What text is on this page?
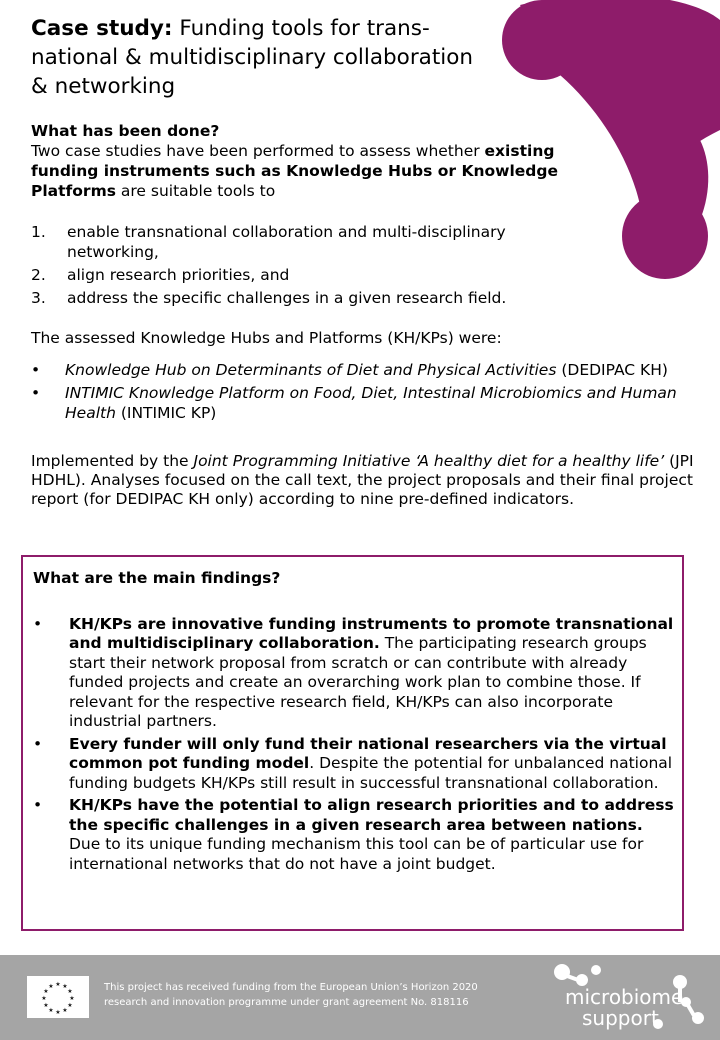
Case study: Funding tools for trans-national & multidisciplinary collaboration & networking
What has been done?
Two case studies have been performed to assess whether existing funding instruments such as Knowledge Hubs or Knowledge Platforms are suitable tools to
1. enable transnational collaboration and multi-disciplinary networking,
2. align research priorities, and
3. address the specific challenges in a given research field.
The assessed Knowledge Hubs and Platforms (KH/KPs) were:
• Knowledge Hub on Determinants of Diet and Physical Activities (DEDIPAC KH)
• INTIMIC Knowledge Platform on Food, Diet, Intestinal Microbiomics and Human Health (INTIMIC KP)
Implemented by the Joint Programming Initiative ‘A healthy diet for a healthy life’ (JPI HDHL). Analyses focused on the call text, the project proposals and their final project report (for DEDIPAC KH only) according to nine pre-defined indicators.
What are the main findings?
• KH/KPs are innovative funding instruments to promote transnational and multidisciplinary collaboration. The participating research groups start their network proposal from scratch or can contribute with already funded projects and create an overarching work plan to combine those. If relevant for the respective research field, KH/KPs can also incorporate industrial partners.
• Every funder will only fund their national researchers via the virtual common pot funding model. Despite the potential for unbalanced national funding budgets KH/KPs still result in successful transnational collaboration.
• KH/KPs have the potential to align research priorities and to address the specific challenges in a given research area between nations. Due to its unique funding mechanism this tool can be of particular use for international networks that do not have a joint budget.
★ ★
★
★
★
★
★
★
★
★
★
★	This project has received funding from the European Union’s Horizon 2020
research and innovation programme under grant agreement No. 818116	microbiome
support
